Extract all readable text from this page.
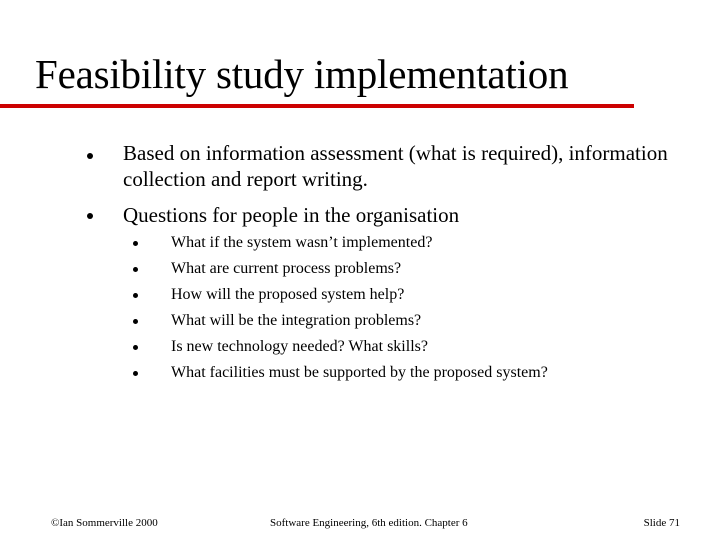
Feasibility study implementation
Based on information assessment (what is required), information collection and report writing.
Questions for people in the organisation
What if the system wasn’t implemented?
What are current process problems?
How will the proposed system help?
What will be the integration problems?
Is new technology needed? What skills?
What facilities must be supported by the proposed system?
©Ian Sommerville 2000	Software Engineering, 6th edition. Chapter 6	Slide 71
